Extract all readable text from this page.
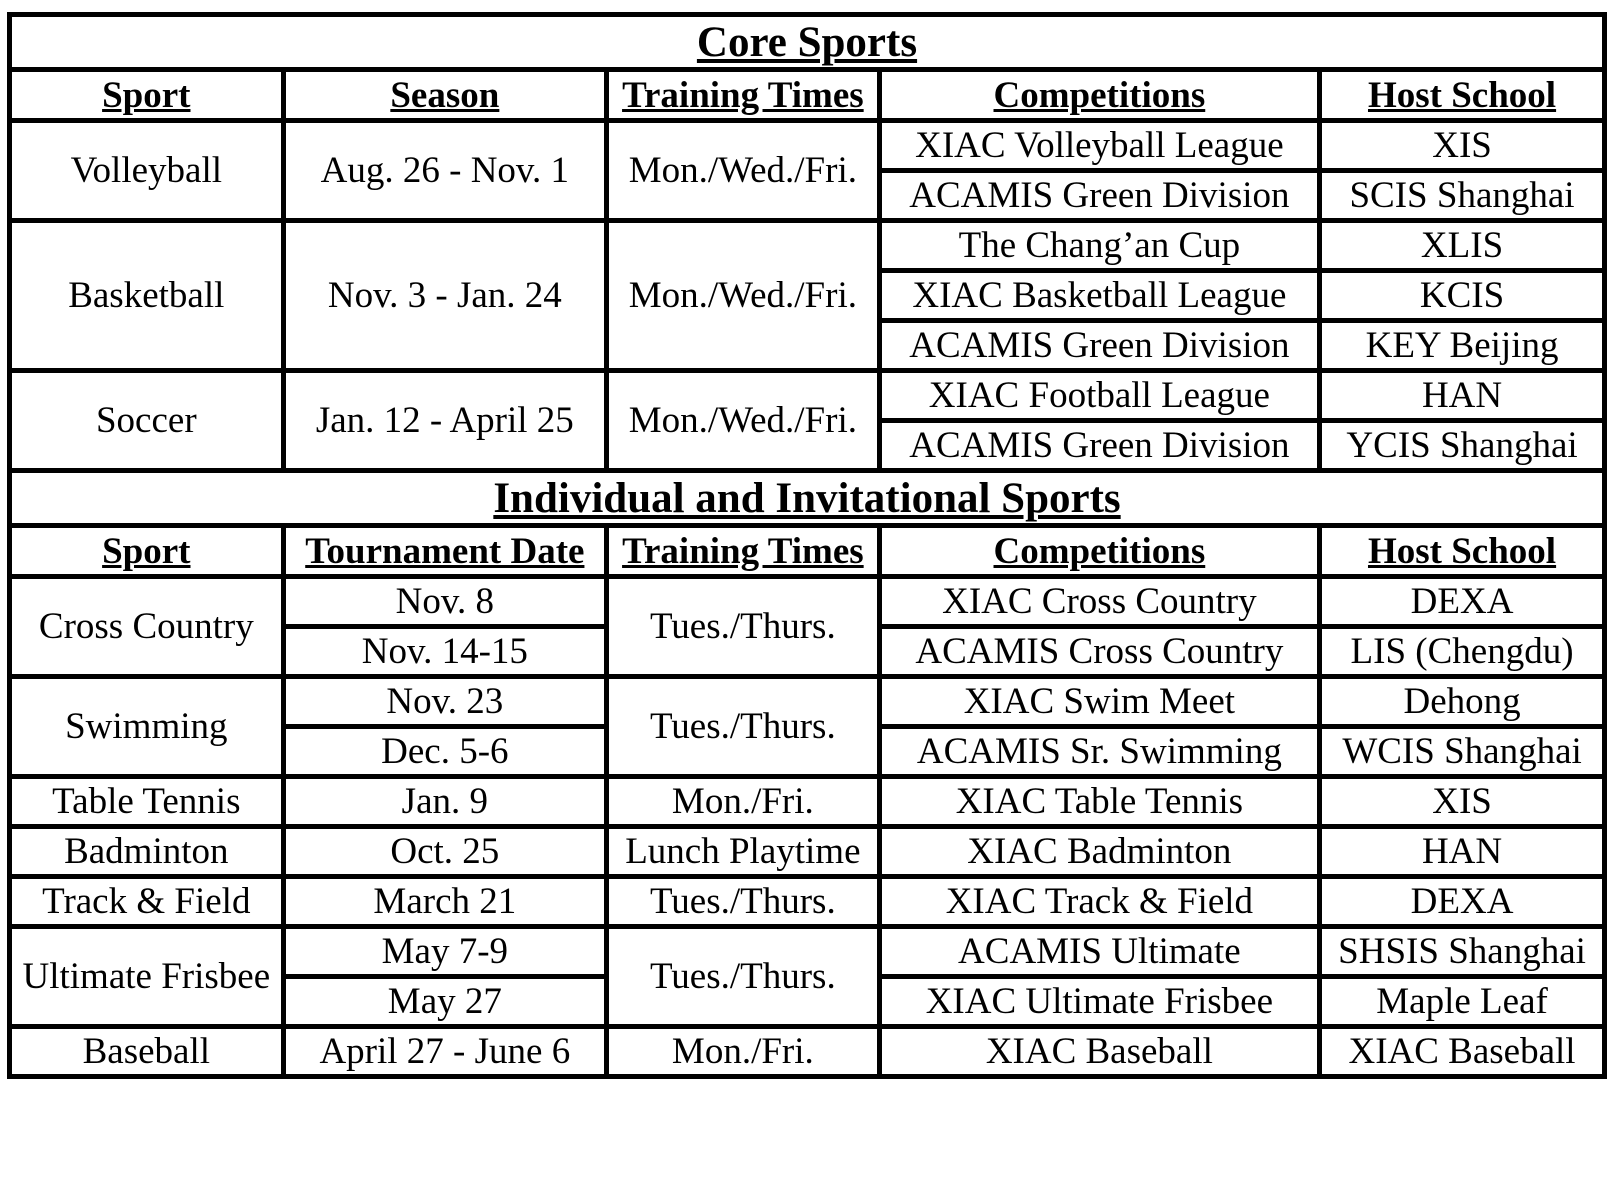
Core Sports				
Sport	Season	Training Times	Competitions	Host School
Volleyball	Aug. 26 - Nov. 1	Mon./Wed./Fri.	XIAC Volleyball League	XIS
			ACAMIS Green Division	SCIS Shanghai
Basketball	Nov. 3 - Jan. 24	Mon./Wed./Fri.	The Chang’an Cup	XLIS
			XIAC Basketball League	KCIS
			ACAMIS Green Division	KEY Beijing
Soccer	Jan. 12 - April 25	Mon./Wed./Fri.	XIAC Football League	HAN
			ACAMIS Green Division	YCIS Shanghai
Individual and Invitational Sports				
Sport	Tournament Date	Training Times	Competitions	Host School
Cross Country	Nov. 8	Tues./Thurs.	XIAC Cross Country	DEXA
	Nov. 14-15		ACAMIS Cross Country	LIS (Chengdu)
Swimming	Nov. 23	Tues./Thurs.	XIAC Swim Meet	Dehong
	Dec. 5-6		ACAMIS Sr. Swimming	WCIS Shanghai
Table Tennis	Jan. 9	Mon./Fri.	XIAC Table Tennis	XIS
Badminton	Oct. 25	Lunch Playtime	XIAC Badminton	HAN
Track & Field	March 21	Tues./Thurs.	XIAC Track & Field	DEXA
Ultimate Frisbee	May 7-9	Tues./Thurs.	ACAMIS Ultimate	SHSIS Shanghai
	May 27		XIAC Ultimate Frisbee	Maple Leaf
Baseball	April 27 - June 6	Mon./Fri.	XIAC Baseball	XIAC Baseball
